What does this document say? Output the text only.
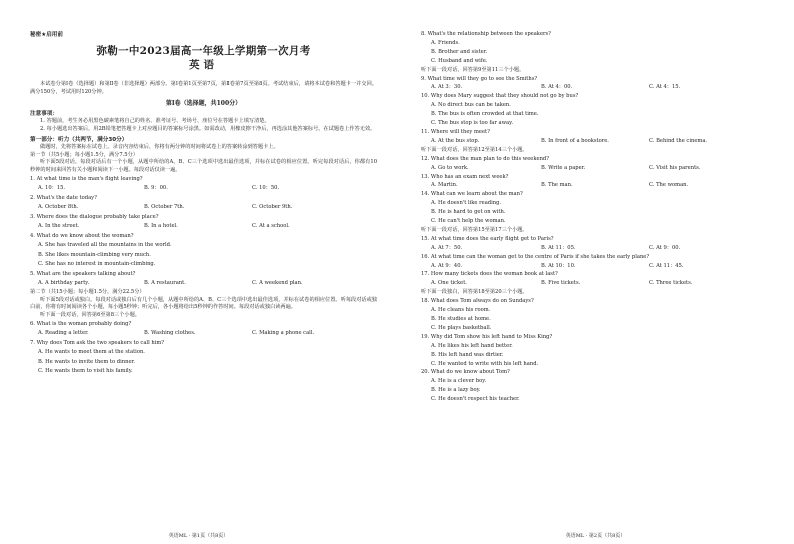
秘密★启用前
弥勒一中2023届高一年级上学期第一次月考
英语
本试卷分第Ⅰ卷（选择题）和第Ⅱ卷（非选择题）两部分。第Ⅰ卷第1页至第7页，第Ⅱ卷第7页至第8页。考试结束后，请将本试卷和答题卡一并交回。满分150分，考试用时120分钟。
第Ⅰ卷（选择题，共100分）
注意事项：
1. 答题前，考生务必用黑色碳素笔将自己的姓名、准考证号、考场号、座位号在答题卡上填写清楚。
2. 每小题选出答案后，用2B铅笔把答题卡上对应题目的答案标号涂黑。如需改动，用橡皮擦干净后，再选涂其他答案标号。在试题卷上作答无效。
第一部分：听力（共两节，满分30分）
做题时，先将答案标在试卷上。录音内容结束后，你将有两分钟的时间将试卷上的答案转涂到答题卡上。
第一节（共5小题；每小题1.5分，满分7.5分）
听下面5段对话。每段对话后有一个小题，从题中所给的A、B、C三个选项中选出最佳选项，并标在试卷的相应位置。听完每段对话后，你都有10秒钟的时间来回答有关小题和阅读下一小题。每段对话仅读一遍。
1. At what time is the man's flight leaving?
A. 10：15.	B. 9：00.	C. 10：50.
2. What's the date today?
A. October 8th.	B. October 7th.	C. October 9th.
3. Where does the dialogue probably take place?
A. In the street.	B. In a hotel.	C. At a school.
4. What do we know about the woman?
A. She has traveled all the mountains in the world.
B. She likes mountain-climbing very much.
C. She has no interest in mountain-climbing.
5. What are the speakers talking about?
A. A birthday party.	B. A restaurant.	C. A weekend plan.
第二节（共15小题；每小题1.5分，满分22.5分）
听下面5段对话或独白。每段对话或独白后有几个小题，从题中所给的A、B、C三个选项中选出最佳选项，并标在试卷的相应位置。听每段对话或独白前，你将有时间阅读各个小题，每小题5秒钟；听完后，各小题将给出5秒钟的作答时间。每段对话或独白读两遍。
听下面一段对话，回答第6至第8三个小题。
6. What is the woman probably doing?
A. Reading a letter.	B. Washing clothes.	C. Making a phone call.
7. Why does Tom ask the two speakers to call him?
A. He wants to meet them at the station.
B. He wants to invite them to dinner.
C. He wants them to visit his family.
英语ML · 第1页（共8页）
8. What's the relationship between the speakers?
A. Friends.
B. Brother and sister.
C. Husband and wife.
听下面一段对话，回答第9至第11三个小题。
9. What time will they go to see the Smiths?
A. At 3：30.	B. At 4：00.	C. At 4：15.
10. Why does Mary suggest that they should not go by bus?
A. No direct bus can be taken.
B. The bus is often crowded at that time.
C. The bus stop is too far away.
11. Where will they meet?
A. At the bus stop.	B. In front of a bookstore.	C. Behind the cinema.
听下面一段对话，回答第12至第14三个小题。
12. What does the man plan to do this weekend?
A. Go to work.	B. Write a paper.	C. Visit his parents.
13. Who has an exam next week?
A. Martin.	B. The man.	C. The woman.
14. What can we learn about the man?
A. He doesn't like reading.
B. He is hard to get on with.
C. He can't help the woman.
听下面一段对话，回答第15至第17三个小题。
15. At what time does the early flight get to Paris?
A. At 7：50.	B. At 11：05.	C. At 9：00.
16. At what time can the woman get to the centre of Paris if she takes the early plane?
A. At 9：40.	B. At 10：10.	C. At 11：45.
17. How many tickets does the woman book at last?
A. One ticket.	B. Five tickets.	C. Three tickets.
听下面一段独白，回答第18至第20三个小题。
18. What does Tom always do on Sundays?
A. He cleans his room.
B. He studies at home.
C. He plays basketball.
19. Why did Tom show his left hand to Miss King?
A. He likes his left hand better.
B. His left hand was dirtier.
C. He wanted to write with his left hand.
20. What do we know about Tom?
A. He is a clever boy.
B. He is a lazy boy.
C. He doesn't respect his teacher.
英语ML · 第2页（共8页）
